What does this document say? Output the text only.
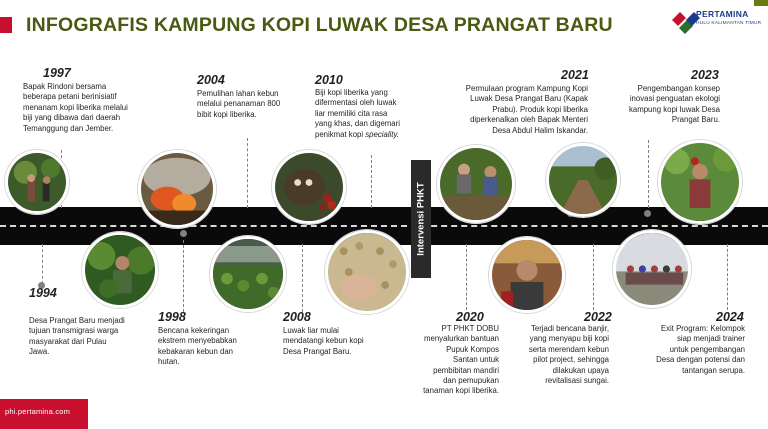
INFOGRAFIS KAMPUNG KOPI LUWAK DESA PRANGAT BARU	PERTAMINA
HULU KALIMANTAN TIMUR
Intervensi PHKT
1997
Bapak Rindoni bersama
beberapa petani berinisiatif
menanam kopi liberika melalui
biji yang dibawa dari daerah
Temanggung dan Jember.
1994
Desa Prangat Baru menjadi
tujuan transmigrasi warga
masyarakat dari Pulau
Jawa.
1998
Bencana kekeringan
ekstrem menyebabkan
kebakaran kebun dan
hutan.
2004
Pemulihan lahan kebun
melalui penanaman 800
bibit kopi liberika.
2008
Luwak liar mulai
mendatangi kebun kopi
Desa Prangat Baru.
2010
Biji kopi liberika yang
difermentasi oleh luwak
liar memiliki cita rasa
yang khas, dan digemari
penikmat kopi speciality.
2020
PT PHKT DOBU
menyalurkan bantuan
Pupuk Kompos
Santan untuk
pembibitan mandiri
dan pemupukan
tanaman kopi liberika.
2021
Permulaan program Kampung Kopi
Luwak Desa Prangat Baru (Kapak
Prabu). Produk kopi liberika
diperkenalkan oleh Bapak Menteri
Desa Abdul Halim Iskandar.
2022
Terjadi bencana banjir,
yang menyapu biji kopi
serta merendam kebun
pilot project, sehingga
dilakukan upaya
revitalisasi sungai.
2023
Pengembangan konsep
inovasi penguatan ekologi
kampung kopi luwak Desa
Prangat Baru.
2024
Exit Program: Kelompok
siap menjadi trainer
untuk pengembangan
Desa dengan potensi dan
tantangan serupa.
phi.pertamina.com
